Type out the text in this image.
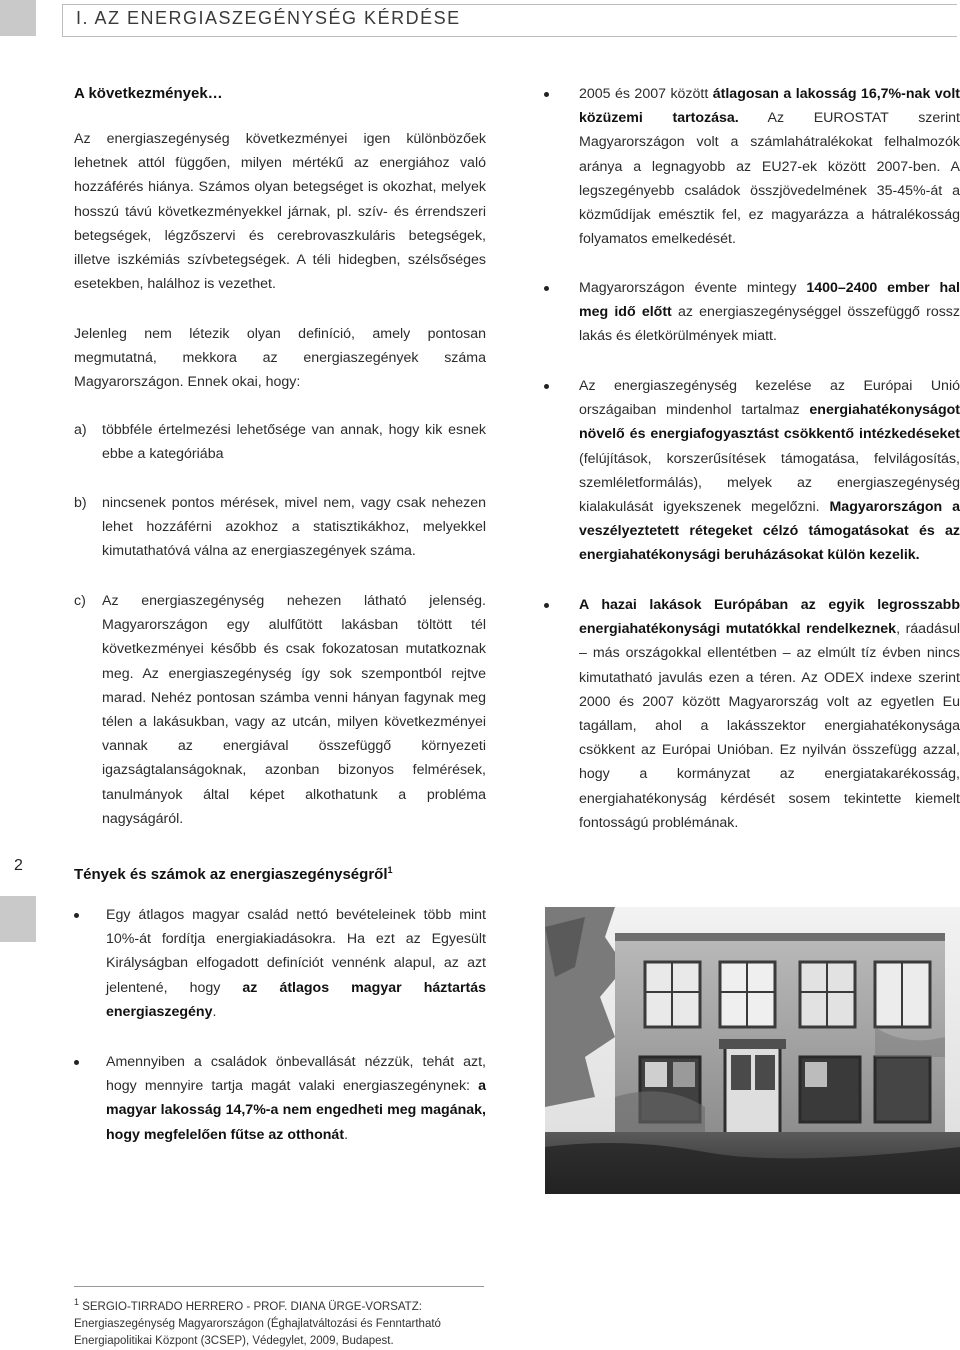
I. AZ ENERGIASZEGÉNYSÉG KÉRDÉSE

A következmények…

Az energiaszegénység következményei igen különbözőek lehetnek attól függően, milyen mértékű az energiához való hozzáférés hiánya. Számos olyan betegséget is okozhat, melyek hosszú távú következményekkel járnak, pl. szív- és érrendszeri betegségek, légzőszervi és cerebrovaszkuláris betegségek, illetve iszkémiás szívbetegségek. A téli hidegben, szélsőséges esetekben, halálhoz is vezethet.

Jelenleg nem létezik olyan definíció, amely pontosan megmutatná, mekkora az energiaszegények száma Magyarországon. Ennek okai, hogy:

a) többféle értelmezési lehetősége van annak, hogy kik esnek ebbe a kategóriába
b) nincsenek pontos mérések, mivel nem, vagy csak nehezen lehet hozzáférni azokhoz a statisztikákhoz, melyekkel kimutathatóvá válna az energiaszegények száma.
c) Az energiaszegénység nehezen látható jelenség. Magyarországon egy alulfűtött lakásban töltött tél következményei később és csak fokozatosan mutatkoznak meg. Az energiaszegénység így sok szempontból rejtve marad. Nehéz pontosan számba venni hányan fagynak meg télen a lakásukban, vagy az utcán, milyen következményei vannak az energiával összefüggő környezeti igazságtalanságoknak, azonban bizonyos felmérések, tanulmányok által képet alkothatunk a probléma nagyságáról.

Tények és számok az energiaszegénységről$^1$

Egy átlagos magyar család nettó bevételeinek több mint 10%-át fordítja energiakiadásokra. Ha ezt az Egyesült Királyságban elfogadott definíciót vennénk alapul, az azt jelentené, hogy az átlagos magyar háztartás energiaszegény.
Amennyiben a családok önbevallását nézzük, tehát azt, hogy mennyire tartja magát valaki energiaszegénynek: a magyar lakosság 14,7%-a nem engedheti meg magának, hogy megfelelően fűtse az otthonát.
2005 és 2007 között átlagosan a lakosság 16,7%-nak volt közüzemi tartozása. Az EUROSTAT szerint Magyarországon volt a számlahátralékokat felhalmozók aránya a legnagyobb az EU27-ek között 2007-ben. A legszegényebb családok összjövedelmének 35-45%-át a közműdíjak emésztik fel, ez magyarázza a hátralékosság folyamatos emelkedését.
Magyarországon évente mintegy 1400–2400 ember hal meg idő előtt az energiaszegénységgel összefüggő rossz lakás és életkörülmények miatt.
Az energiaszegénység kezelése az Európai Unió országaiban mindenhol tartalmaz energiahatékonyságot növelő és energiafogyasztást csökkentő intézkedéseket (felújítások, korszerűsítések támogatása, felvilágosítás, szemléletformálás), melyek az energiaszegénység kialakulását igyekszenek megelőzni. Magyarországon a veszélyeztetett rétegeket célzó támogatásokat és az energiahatékonysági beruházásokat külön kezelik.
A hazai lakások Európában az egyik legrosszabb energiahatékonysági mutatókkal rendelkeznek, ráadásul – más országokkal ellentétben – az elmúlt tíz évben nincs kimutatható javulás ezen a téren. Az ODEX indexe szerint 2000 és 2007 között Magyarország volt az egyetlen Eu tagállam, ahol a lakásszektor energiahatékonysága csökkent az Európai Unióban. Ez nyilván összefügg azzal, hogy a kormányzat az energiatakarékosság, energiahatékonyság kérdését sosem tekintette kiemelt fontosságú problémának.
2
$^1$ SERGIO-TIRRADO HERRERO - PROF. DIANA ÜRGE-VORSATZ: Energiaszegénység Magyarországon (Éghajlatváltozási és Fenntartható Energiapolitikai Központ (3CSEP), Védegylet, 2009, Budapest.
